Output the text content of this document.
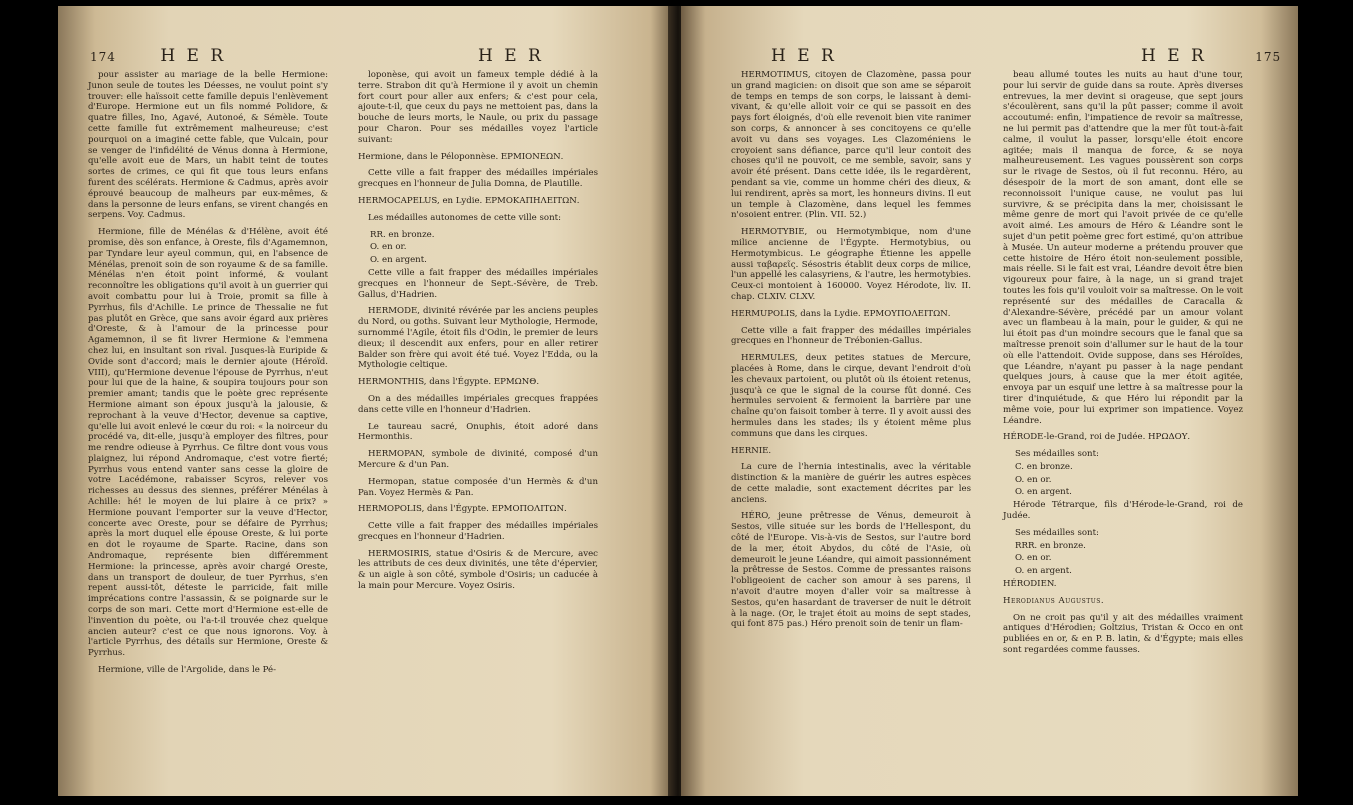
174	H E R	H E R

pour assister au mariage de la belle Hermione: Junon seule de toutes les Déesses, ne voulut point s'y trouver: elle haïssoit cette famille depuis l'enlèvement d'Europe. Hermione eut un fils nommé Polidore, & quatre filles, Ino, Agavé, Autonoé, & Sémèle. Toute cette famille fut extrêmement malheureuse; c'est pourquoi on a imaginé cette fable, que Vulcain, pour se venger de l'infidélité de Vénus donna à Hermione, qu'elle avoit eue de Mars, un habit teint de toutes sortes de crimes, ce qui fit que tous leurs enfans furent des scélérats. Hermione & Cadmus, après avoir éprouvé beaucoup de malheurs par eux-mêmes, & dans la personne de leurs enfans, se virent changés en serpens. Voy. Cadmus.

Hermione, fille de Ménélas & d'Hélène, avoit été promise, dès son enfance, à Oreste, fils d'Agamemnon, par Tyndare leur ayeul commun, qui, en l'absence de Ménélas, prenoit soin de son royaume & de sa famille. Ménélas n'en étoit point informé, & voulant reconnoître les obligations qu'il avoit à un guerrier qui avoit combattu pour lui à Troie, promit sa fille à Pyrrhus, fils d'Achille. Le prince de Thessalie ne fut pas plutôt en Grèce, que sans avoir égard aux prières d'Oreste, & à l'amour de la princesse pour Agamemnon, il se fit livrer Hermione & l'emmena chez lui, en insultant son rival. Jusques-là Euripide & Ovide sont d'accord; mais le dernier ajoute (Héroïd. VIII), qu'Hermione devenue l'épouse de Pyrrhus, n'eut pour lui que de la haine, & soupira toujours pour son premier amant; tandis que le poète grec représente Hermione aimant son époux jusqu'à la jalousie, & reprochant à la veuve d'Hector, devenue sa captive, qu'elle lui avoit enlevé le cœur du roi: « la noirceur du procédé va, dit-elle, jusqu'à employer des filtres, pour me rendre odieuse à Pyrrhus. Ce filtre dont vous vous plaignez, lui répond Andromaque, c'est votre fierté; Pyrrhus vous entend vanter sans cesse la gloire de votre Lacédémone, rabaisser Scyros, relever vos richesses au dessus des siennes, préférer Ménélas à Achille: hé! le moyen de lui plaire à ce prix? » Hermione pouvant l'emporter sur la veuve d'Hector, concerte avec Oreste, pour se défaire de Pyrrhus; après la mort duquel elle épouse Oreste, & lui porte en dot le royaume de Sparte. Racine, dans son Andromaque, représente bien différemment Hermione: la princesse, après avoir chargé Oreste, dans un transport de douleur, de tuer Pyrrhus, s'en repent aussi-tôt, déteste le parricide, fait mille imprécations contre l'assassin, & se poignarde sur le corps de son mari. Cette mort d'Hermione est-elle de l'invention du poète, ou l'a-t-il trouvée chez quelque ancien auteur? c'est ce que nous ignorons. Voy. à l'article Pyrrhus, des détails sur Hermione, Oreste & Pyrrhus.

Hermione, ville de l'Argolide, dans le Pé-

loponèse, qui avoit un fameux temple dédié à la terre. Strabon dit qu'à Hermione il y avoit un chemin fort court pour aller aux enfers; & c'est pour cela, ajoute-t-il, que ceux du pays ne mettoient pas, dans la bouche de leurs morts, le Naule, ou prix du passage pour Charon. Pour ses médailles voyez l'article suivant:

Hermione, dans le Péloponnèse. ΕΡΜΙΟΝΕΩΝ.

Cette ville a fait frapper des médailles impériales grecques en l'honneur de Julia Domna, de Plautille.

HERMOCAPELUS, en Lydie. ΕΡΜΟΚΑΠΗΛΕΙΤΩΝ.

Les médailles autonomes de cette ville sont:

RR. en bronze.

O. en or.

O. en argent.

Cette ville a fait frapper des médailles impériales grecques en l'honneur de Sept.-Sévère, de Treb. Gallus, d'Hadrien.

HERMODE, divinité révérée par les anciens peuples du Nord, ou goths. Suivant leur Mythologie, Hermode, surnommé l'Agile, étoit fils d'Odin, le premier de leurs dieux; il descendit aux enfers, pour en aller retirer Balder son frère qui avoit été tué. Voyez l'Edda, ou la Mythologie celtique.

HERMONTHIS, dans l'Égypte. ΕΡΜΩΝΘ.

On a des médailles impériales grecques frappées dans cette ville en l'honneur d'Hadrien.

Le taureau sacré, Onuphis, étoit adoré dans Hermonthis.

HERMOPAN, symbole de divinité, composé d'un Mercure & d'un Pan.

Hermopan, statue composée d'un Hermès & d'un Pan. Voyez Hermès & Pan.

HERMOPOLIS, dans l'Égypte. ΕΡΜΟΠΟΛΙΤΩΝ.

Cette ville a fait frapper des médailles impériales grecques en l'honneur d'Hadrien.

HERMOSIRIS, statue d'Osiris & de Mercure, avec les attributs de ces deux divinités, une tête d'épervier, & un aigle à son côté, symbole d'Osiris; un caducée à la main pour Mercure. Voyez Osiris.

H E R	H E R	175

HERMOTIMUS, citoyen de Clazomène, passa pour un grand magicien: on disoit que son ame se séparoit de temps en temps de son corps, le laissant à demi-vivant, & qu'elle alloit voir ce qui se passoit en des pays fort éloignés, d'où elle revenoit bien vite ranimer son corps, & annoncer à ses concitoyens ce qu'elle avoit vu dans ses voyages. Les Clazoméniens le croyoient sans défiance, parce qu'il leur contoit des choses qu'il ne pouvoit, ce me semble, savoir, sans y avoir été présent. Dans cette idée, ils le regardèrent, pendant sa vie, comme un homme chéri des dieux, & lui rendirent, après sa mort, les honneurs divins. Il eut un temple à Clazomène, dans lequel les femmes n'osoient entrer. (Plin. VII. 52.)

HERMOTYBIE, ou Hermotymbique, nom d'une milice ancienne de l'Égypte. Hermotybius, ou Hermotymbicus. Le géographe Étienne les appelle aussi ταβαρεῖς. Sésostris établit deux corps de milice, l'un appellé les calasyriens, & l'autre, les hermotybies. Ceux-ci montoient à 160000. Voyez Hérodote, liv. II. chap. CLXIV. CLXV.

HERMUPOLIS, dans la Lydie. ΕΡΜΟΥΠΟΛΕΙΤΩΝ.

Cette ville a fait frapper des médailles impériales grecques en l'honneur de Trébonien-Gallus.

HERMULES, deux petites statues de Mercure, placées à Rome, dans le cirque, devant l'endroit d'où les chevaux partoient, ou plutôt où ils étoient retenus, jusqu'à ce que le signal de la course fût donné. Ces hermules servoient & fermoient la barrière par une chaîne qu'on faisoit tomber à terre. Il y avoit aussi des hermules dans les stades; ils y étoient même plus communs que dans les cirques.

HERNIE.

La cure de l'hernia intestinalis, avec la véritable distinction & la manière de guérir les autres espèces de cette maladie, sont exactement décrites par les anciens.

HÉRO, jeune prêtresse de Vénus, demeuroit à Sestos, ville située sur les bords de l'Hellespont, du côté de l'Europe. Vis-à-vis de Sestos, sur l'autre bord de la mer, étoit Abydos, du côté de l'Asie, où demeuroit le jeune Léandre, qui aimoit passionnément la prêtresse de Sestos. Comme de pressantes raisons l'obligeoient de cacher son amour à ses parens, il n'avoit d'autre moyen d'aller voir sa maîtresse à Sestos, qu'en hasardant de traverser de nuit le détroit à la nage. (Or, le trajet étoit au moins de sept stades, qui font 875 pas.) Héro prenoit soin de tenir un flam-

beau allumé toutes les nuits au haut d'une tour, pour lui servir de guide dans sa route. Après diverses entrevues, la mer devint si orageuse, que sept jours s'écoulèrent, sans qu'il la pût passer; comme il avoit accoutumé: enfin, l'impatience de revoir sa maîtresse, ne lui permit pas d'attendre que la mer fût tout-à-fait calme, il voulut la passer, lorsqu'elle étoit encore agitée; mais il manqua de force, & se noya malheureusement. Les vagues poussèrent son corps sur le rivage de Sestos, où il fut reconnu. Héro, au désespoir de la mort de son amant, dont elle se reconnoissoit l'unique cause, ne voulut pas lui survivre, & se précipita dans la mer, choisissant le même genre de mort qui l'avoit privée de ce qu'elle avoit aimé. Les amours de Héro & Léandre sont le sujet d'un petit poème grec fort estimé, qu'on attribue à Musée. Un auteur moderne a prétendu prouver que cette histoire de Héro étoit non-seulement possible, mais réelle. Si le fait est vrai, Léandre devoit être bien vigoureux pour faire, à la nage, un si grand trajet toutes les fois qu'il vouloit voir sa maîtresse. On le voit représenté sur des médailles de Caracalla & d'Alexandre-Sévère, précédé par un amour volant avec un flambeau à la main, pour le guider, & qui ne lui étoit pas d'un moindre secours que le fanal que sa maîtresse prenoit soin d'allumer sur le haut de la tour où elle l'attendoit. Ovide suppose, dans ses Héroïdes, que Léandre, n'ayant pu passer à la nage pendant quelques jours, à cause que la mer étoit agitée, envoya par un esquif une lettre à sa maîtresse pour la tirer d'inquiétude, & que Héro lui répondit par la même voie, pour lui exprimer son impatience. Voyez Léandre.

HÉRODE-le-Grand, roi de Judée. ΗΡΩΔΟΥ.

Ses médailles sont:

C. en bronze.

O. en or.

O. en argent.

Hérode Tétrarque, fils d'Hérode-le-Grand, roi de Judée.

Ses médailles sont:

RRR. en bronze.

O. en or.

O. en argent.

HÉRODIEN.

Herodianus Augustus.

On ne croit pas qu'il y ait des médailles vraiment antiques d'Hérodien; Goltzius, Tristan & Occo en ont publiées en or, & en P. B. latin, & d'Égypte; mais elles sont regardées comme fausses.
